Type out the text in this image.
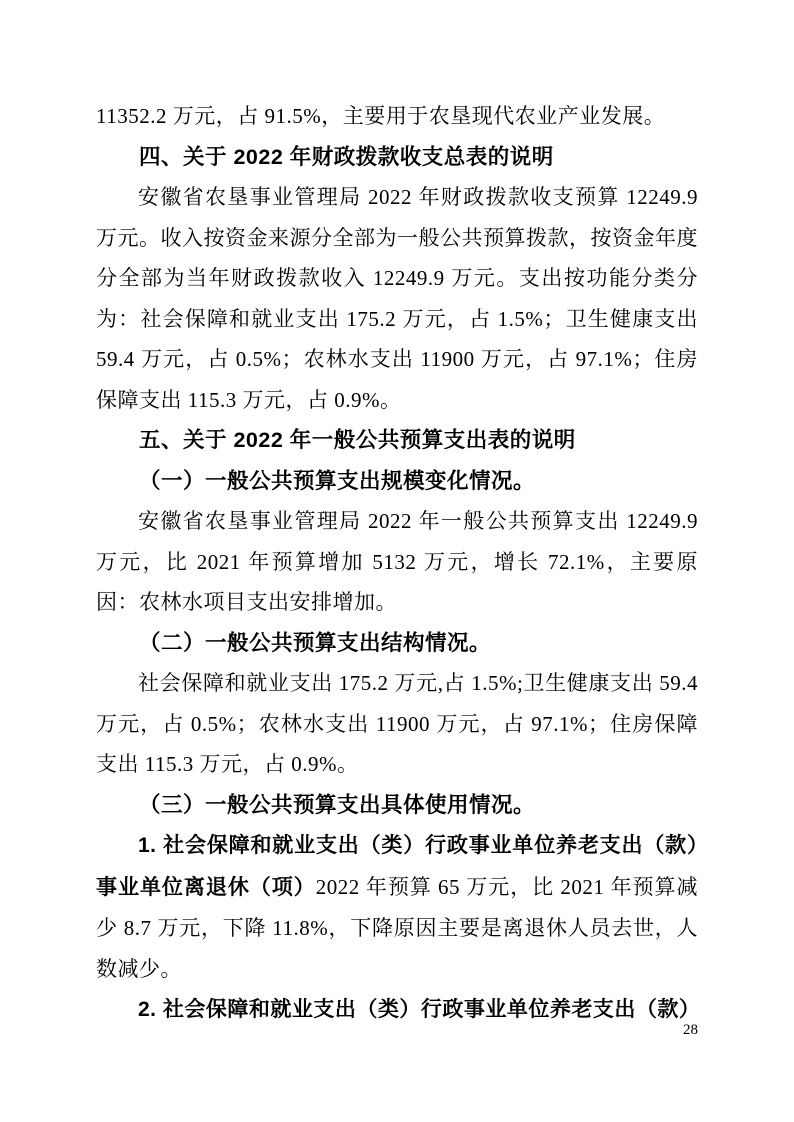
11352.2 万元，占 91.5%，主要用于农垦现代农业产业发展。

四、关于 2022 年财政拨款收支总表的说明

安徽省农垦事业管理局 2022 年财政拨款收支预算 12249.9 万元。收入按资金来源分全部为一般公共预算拨款，按资金年度分全部为当年财政拨款收入 12249.9 万元。支出按功能分类分为：社会保障和就业支出 175.2 万元，占 1.5%；卫生健康支出 59.4 万元，占 0.5%；农林水支出 11900 万元，占 97.1%；住房保障支出 115.3 万元，占 0.9%。

五、关于 2022 年一般公共预算支出表的说明

（一）一般公共预算支出规模变化情况。

安徽省农垦事业管理局 2022 年一般公共预算支出 12249.9 万元，比 2021 年预算增加 5132 万元，增长 72.1%，主要原因：农林水项目支出安排增加。

（二）一般公共预算支出结构情况。

社会保障和就业支出 175.2 万元,占 1.5%;卫生健康支出 59.4 万元，占 0.5%；农林水支出 11900 万元，占 97.1%；住房保障支出 115.3 万元，占 0.9%。

（三）一般公共预算支出具体使用情况。

1. 社会保障和就业支出（类）行政事业单位养老支出（款）事业单位离退休（项）2022 年预算 65 万元，比 2021 年预算减少 8.7 万元，下降 11.8%，下降原因主要是离退休人员去世，人数减少。

2. 社会保障和就业支出（类）行政事业单位养老支出（款）

28
